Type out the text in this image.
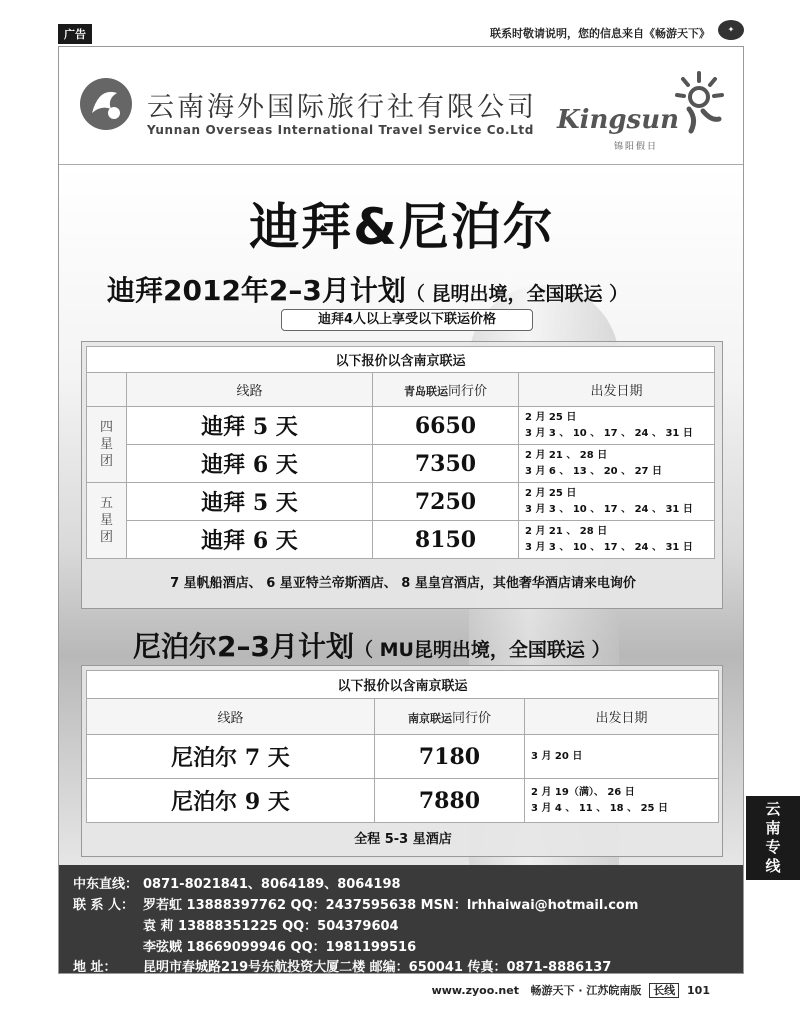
广告	联系时敬请说明，您的信息来自《畅游天下》	✦
云南海外国际旅行社有限公司
Yunnan Overseas International Travel Service Co.Ltd Kingsun
锦阳假日
迪拜&尼泊尔
迪拜2012年2–3月计划（ 昆明出境，全国联运 ）
迪拜4人以上享受以下联运价格
以下报价以含南京联运			
	线路	青岛联运同行价	出发日期
四星团	迪拜 5 天	6650	2 月 25 日
3 月 3 、 10 、 17 、 24 、 31 日

	迪拜 6 天	7350	2 月 21 、 28 日
3 月 6 、 13 、 20 、 27 日

五星团	迪拜 5 天	7250	2 月 25 日
3 月 3 、 10 、 17 、 24 、 31 日

	迪拜 6 天	8150	2 月 21 、 28 日
3 月 3 、 10 、 17 、 24 、 31 日
7 星帆船酒店、 6 星亚特兰帝斯酒店、 8 星皇宫酒店，其他奢华酒店请来电询价
尼泊尔2–3月计划（ MU昆明出境，全国联运 ）
以下报价以含南京联运		
线路	南京联运同行价	出发日期
尼泊尔 7 天	7180	3 月 20 日

尼泊尔 9 天	7880	2 月 19（满）、 26 日
3 月 4 、 11 、 18 、 25 日
全程 5-3 星酒店
中东直线： 0871-8021841、8064189、8064198
联 系 人： 罗若虹 13888397762 QQ：2437595638 MSN：lrhhaiwai@hotmail.com
袁 莉 13888351225 QQ：504379604
李弦贼 18669099946 QQ：1981199516
地 址： 昆明市春城路219号东航投资大厦二楼 邮编：650041 传真：0871-8886137
云
南
专
线
www.zyoo.net 畅游天下 · 江苏皖南版 长线 101
